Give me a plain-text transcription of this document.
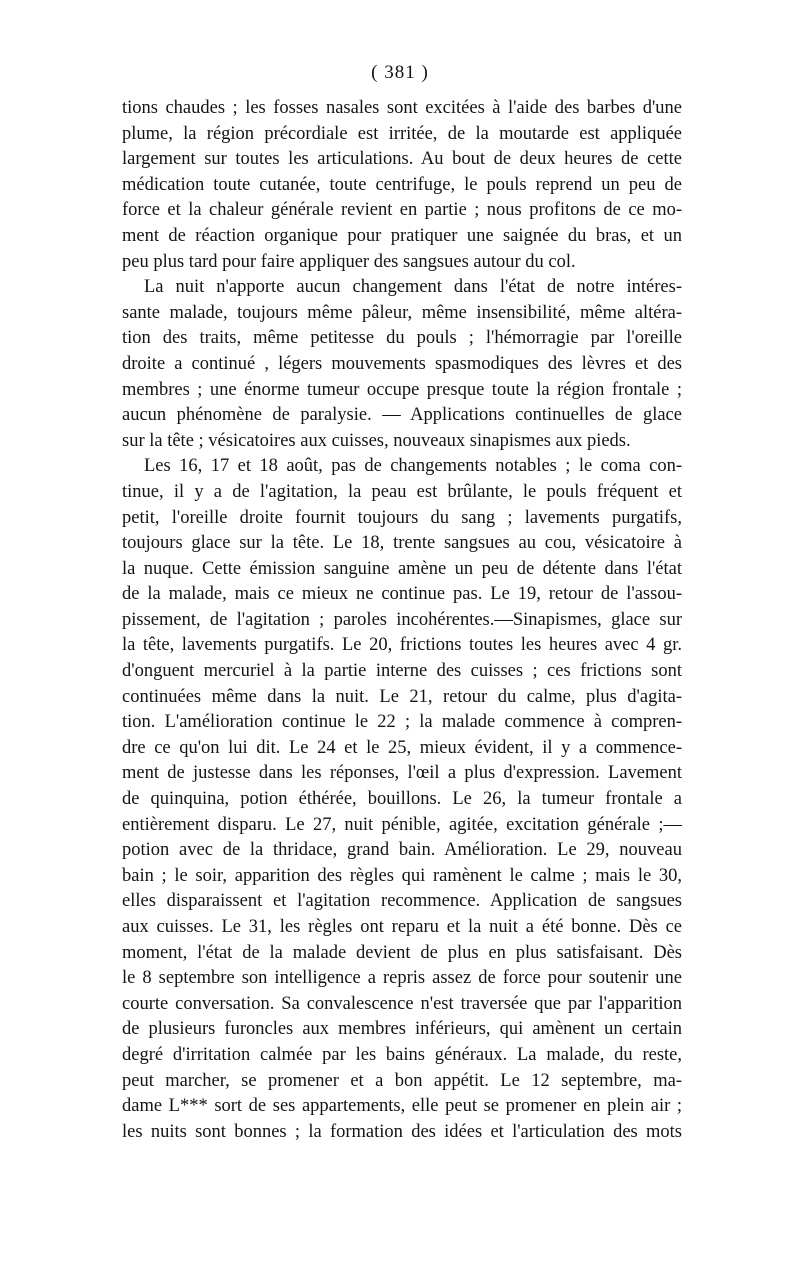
( 381 )

tions chaudes ; les fosses nasales sont excitées à l'aide des barbes d'une
plume, la région précordiale est irritée, de la moutarde est appliquée
largement sur toutes les articulations. Au bout de deux heures de cette
médication toute cutanée, toute centrifuge, le pouls reprend un peu de
force et la chaleur générale revient en partie ; nous profitons de ce mo-
ment de réaction organique pour pratiquer une saignée du bras, et un
peu plus tard pour faire appliquer des sangsues autour du col.

La nuit n'apporte aucun changement dans l'état de notre intéres-
sante malade, toujours même pâleur, même insensibilité, même altéra-
tion des traits, même petitesse du pouls ; l'hémorragie par l'oreille
droite a continué , légers mouvements spasmodiques des lèvres et des
membres ; une énorme tumeur occupe presque toute la région frontale ;
aucun phénomène de paralysie. — Applications continuelles de glace
sur la tête ; vésicatoires aux cuisses, nouveaux sinapismes aux pieds.

Les 16, 17 et 18 août, pas de changements notables ; le coma con-
tinue, il y a de l'agitation, la peau est brûlante, le pouls fréquent et
petit, l'oreille droite fournit toujours du sang ; lavements purgatifs,
toujours glace sur la tête. Le 18, trente sangsues au cou, vésicatoire à
la nuque. Cette émission sanguine amène un peu de détente dans l'état
de la malade, mais ce mieux ne continue pas. Le 19, retour de l'assou-
pissement, de l'agitation ; paroles incohérentes.—Sinapismes, glace sur
la tête, lavements purgatifs. Le 20, frictions toutes les heures avec 4 gr.
d'onguent mercuriel à la partie interne des cuisses ; ces frictions sont
continuées même dans la nuit. Le 21, retour du calme, plus d'agita-
tion. L'amélioration continue le 22 ; la malade commence à compren-
dre ce qu'on lui dit. Le 24 et le 25, mieux évident, il y a commence-
ment de justesse dans les réponses, l'œil a plus d'expression. Lavement
de quinquina, potion éthérée, bouillons. Le 26, la tumeur frontale a
entièrement disparu. Le 27, nuit pénible, agitée, excitation générale ;—
potion avec de la thridace, grand bain. Amélioration. Le 29, nouveau
bain ; le soir, apparition des règles qui ramènent le calme ; mais le 30,
elles disparaissent et l'agitation recommence. Application de sangsues
aux cuisses. Le 31, les règles ont reparu et la nuit a été bonne. Dès ce
moment, l'état de la malade devient de plus en plus satisfaisant. Dès
le 8 septembre son intelligence a repris assez de force pour soutenir une
courte conversation. Sa convalescence n'est traversée que par l'apparition
de plusieurs furoncles aux membres inférieurs, qui amènent un certain
degré d'irritation calmée par les bains généraux. La malade, du reste,
peut marcher, se promener et a bon appétit. Le 12 septembre, ma-
dame L*** sort de ses appartements, elle peut se promener en plein air ;
les nuits sont bonnes ; la formation des idées et l'articulation des mots
